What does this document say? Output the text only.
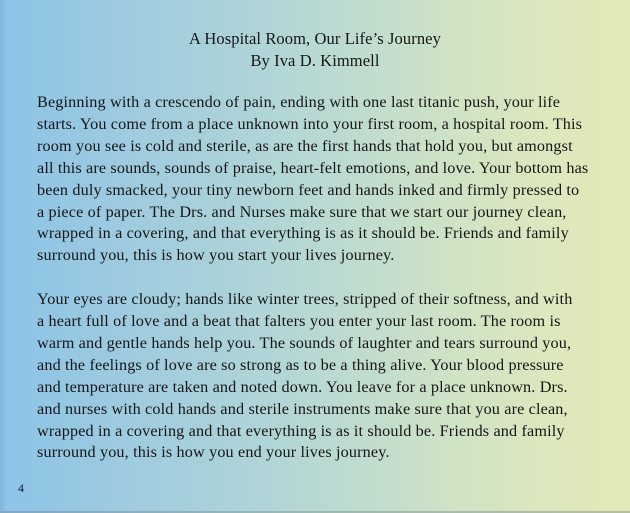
A Hospital Room, Our Life’s Journey
By Iva D. Kimmell

Beginning with a crescendo of pain, ending with one last titanic push, your life
starts. You come from a place unknown into your first room, a hospital room. This
room you see is cold and sterile, as are the first hands that hold you, but amongst
all this are sounds, sounds of praise, heart-felt emotions, and love. Your bottom has
been duly smacked, your tiny newborn feet and hands inked and firmly pressed to
a piece of paper. The Drs. and Nurses make sure that we start our journey clean,
wrapped in a covering, and that everything is as it should be. Friends and family
surround you, this is how you start your lives journey.

Your eyes are cloudy; hands like winter trees, stripped of their softness, and with
a heart full of love and a beat that falters you enter your last room. The room is
warm and gentle hands help you. The sounds of laughter and tears surround you,
and the feelings of love are so strong as to be a thing alive. Your blood pressure
and temperature are taken and noted down. You leave for a place unknown. Drs.
and nurses with cold hands and sterile instruments make sure that you are clean,
wrapped in a covering and that everything is as it should be. Friends and family
surround you, this is how you end your lives journey.

4
